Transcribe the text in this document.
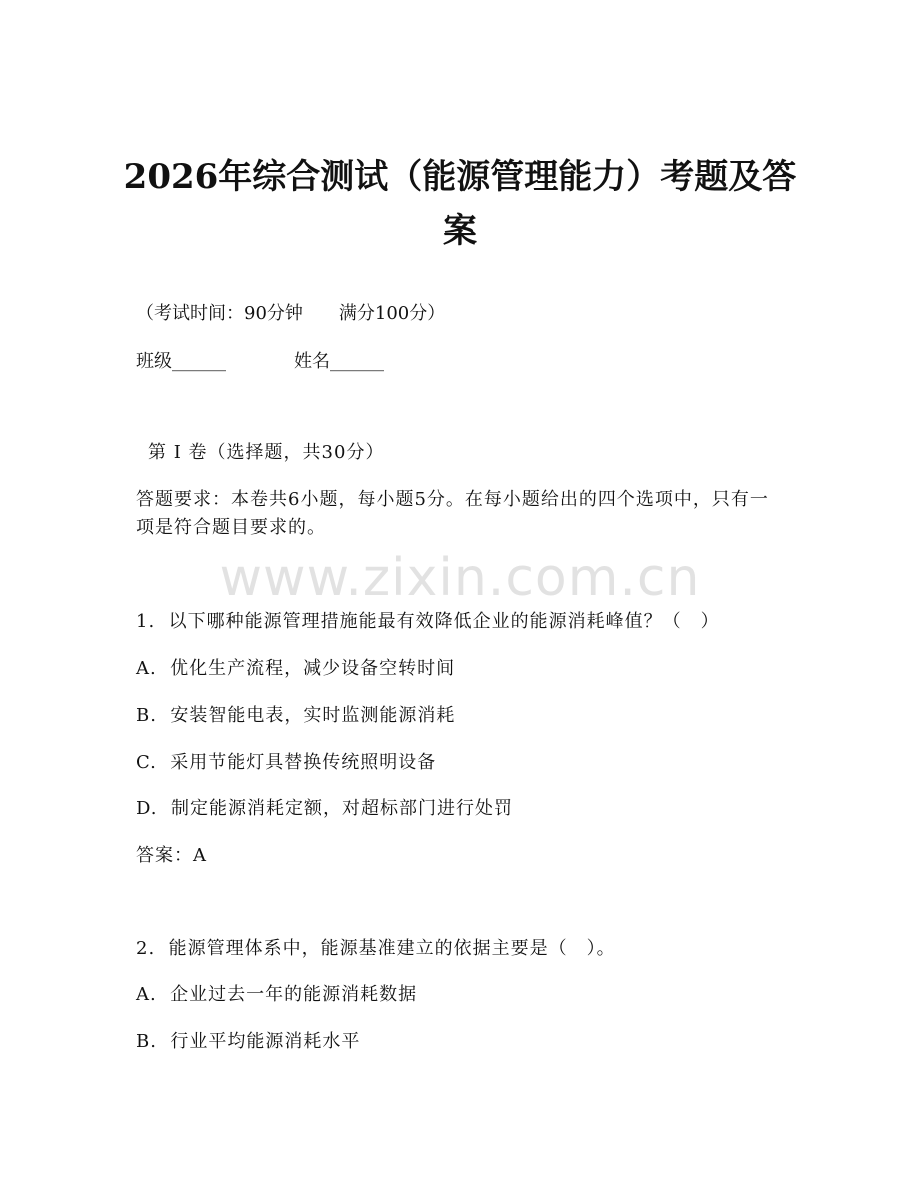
2026年综合测试（能源管理能力）考题及答案
（考试时间：90分钟　　满分100分）
班级______	姓名______
第 I 卷（选择题，共30分）

答题要求：本卷共6小题，每小题5分。在每小题给出的四个选项中，只有一项是符合题目要求的。

www.zixin.com.cn
1.  以下哪种能源管理措施能最有效降低企业的能源消耗峰值？（　）
A.  优化生产流程，减少设备空转时间
B.  安装智能电表，实时监测能源消耗
C.  采用节能灯具替换传统照明设备
D.  制定能源消耗定额，对超标部门进行处罚
答案：A
2.  能源管理体系中，能源基准建立的依据主要是（　）。
A.  企业过去一年的能源消耗数据
B.  行业平均能源消耗水平
